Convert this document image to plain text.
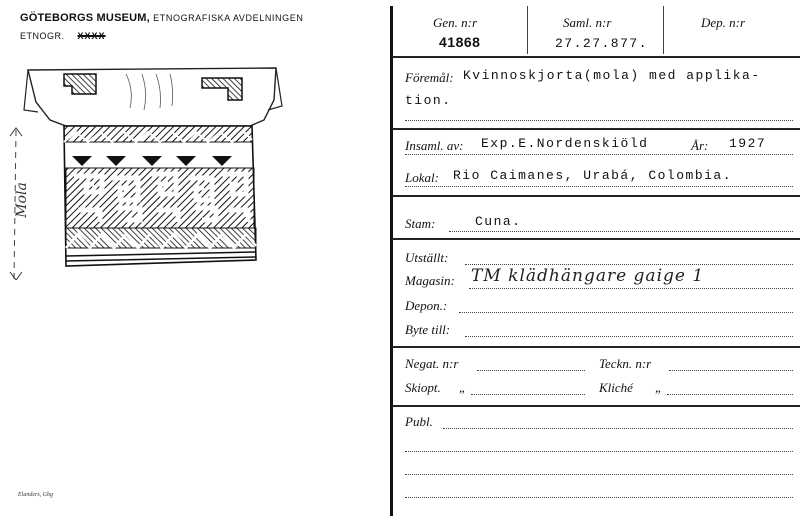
GÖTEBORGS MUSEUM, ETNOGRAFISKA AVDELNINGEN
ETNOGR. XXXX
Mola
Elanders, Gbg
Gen. n:r
41868
Saml. n:r
27.27.877.
Dep. n:r
Föremål: Kvinnoskjorta(mola) med applika-
tion.
Insaml. av: Exp.E.Nordenskiöld	År: 1927
Lokal: Rio Caimanes, Urabá, Colombia.
Stam:	Cuna.
Utställt:
Magasin: TM klädhängare gaige 1
Depon.:
Byte till:
Negat. n:r	Teckn. n:r
Skiopt. „	Kliché „
Publ.
